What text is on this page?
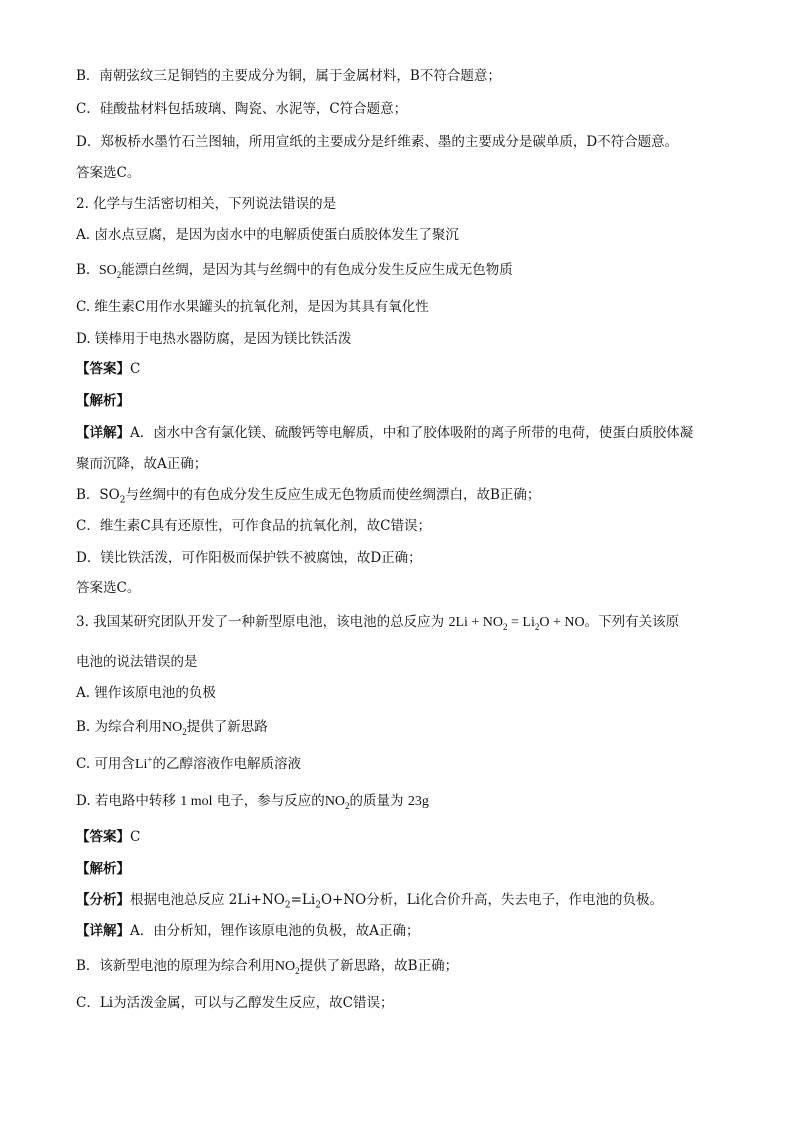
B．南朝弦纹三足铜铛的主要成分为铜，属于金属材料，B不符合题意；
C．硅酸盐材料包括玻璃、陶瓷、水泥等，C符合题意；
D．郑板桥水墨竹石兰图轴，所用宣纸的主要成分是纤维素、墨的主要成分是碳单质，D不符合题意。
答案选C。
2. 化学与生活密切相关，下列说法错误的是
A. 卤水点豆腐，是因为卤水中的电解质使蛋白质胶体发生了聚沉
B. $SO_2$能漂白丝绸，是因为其与丝绸中的有色成分发生反应生成无色物质
C. 维生素C用作水果罐头的抗氧化剂，是因为其具有氧化性
D. 镁棒用于电热水器防腐，是因为镁比铁活泼
【答案】C
【解析】
【详解】A．卤水中含有氯化镁、硫酸钙等电解质，中和了胶体吸附的离子所带的电荷，使蛋白质胶体凝
聚而沉降，故A正确；
B．$SO_2$与丝绸中的有色成分发生反应生成无色物质而使丝绸漂白，故B正确；
C．维生素C具有还原性，可作食品的抗氧化剂，故C错误；
D．镁比铁活泼，可作阳极而保护铁不被腐蚀，故D正确；
答案选C。
3. 我国某研究团队开发了一种新型原电池，该电池的总反应为 $2Li + NO_2 = Li_2O$ + NO。下列有关该原
电池的说法错误的是
A. 锂作该原电池的负极
B. 为综合利用$NO_2$提供了新思路
C. 可用含Li+的乙醇溶液作电解质溶液
D. 若电路中转移 1 mol 电子，参与反应的$NO_2$的质量为 23g
【答案】C
【解析】
【分析】根据电池总反应 $2Li+NO_2=Li_2O+NO$分析，Li化合价升高，失去电子，作电池的负极。
【详解】A．由分析知，锂作该原电池的负极，故A正确；
B．该新型电池的原理为综合利用$NO_2$提供了新思路，故B正确；
C．Li为活泼金属，可以与乙醇发生反应，故C错误；
